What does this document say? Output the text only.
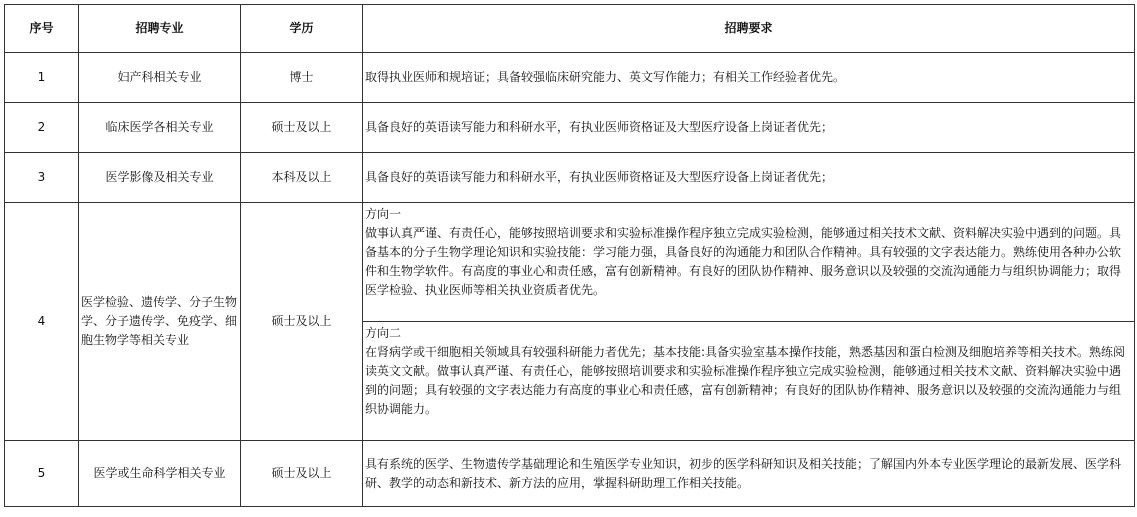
序号	招聘专业	学历	招聘要求
1	妇产科相关专业	博士	取得执业医师和规培证；具备较强临床研究能力、英文写作能力；有相关工作经验者优先。
2	临床医学各相关专业	硕士及以上	具备良好的英语读写能力和科研水平，有执业医师资格证及大型医疗设备上岗证者优先；
3	医学影像及相关专业	本科及以上	具备良好的英语读写能力和科研水平，有执业医师资格证及大型医疗设备上岗证者优先；
4	医学检验、遗传学、分子生物学、分子遗传学、免疫学、细胞生物学等相关专业	硕士及以上	方向一
做事认真严谨、有责任心，能够按照培训要求和实验标准操作程序独立完成实验检测，能够通过相关技术文献、资料解决实验中遇到的问题。具备基本的分子生物学理论知识和实验技能：学习能力强，具备良好的沟通能力和团队合作精神。具有较强的文字表达能力。熟练使用各种办公软件和生物学软件。有高度的事业心和责任感，富有创新精神。有良好的团队协作精神、服务意识以及较强的交流沟通能力与组织协调能力；取得医学检验、执业医师等相关执业资质者优先。

			方向二
在肾病学或干细胞相关领域具有较强科研能力者优先；基本技能:具备实验室基本操作技能，熟悉基因和蛋白检测及细胞培养等相关技术。熟练阅读英文文献。做事认真严谨、有责任心，能够按照培训要求和实验标准操作程序独立完成实验检测，能够通过相关技术文献、资料解决实验中遇到的问题；具有较强的文字表达能力有高度的事业心和责任感，富有创新精神；有良好的团队协作精神、服务意识以及较强的交流沟通能力与组织协调能力。
5	医学或生命科学相关专业	硕士及以上	具有系统的医学、生物遗传学基础理论和生殖医学专业知识，初步的医学科研知识及相关技能；了解国内外本专业医学理论的最新发展、医学科研、教学的动态和新技术、新方法的应用，掌握科研助理工作相关技能。
